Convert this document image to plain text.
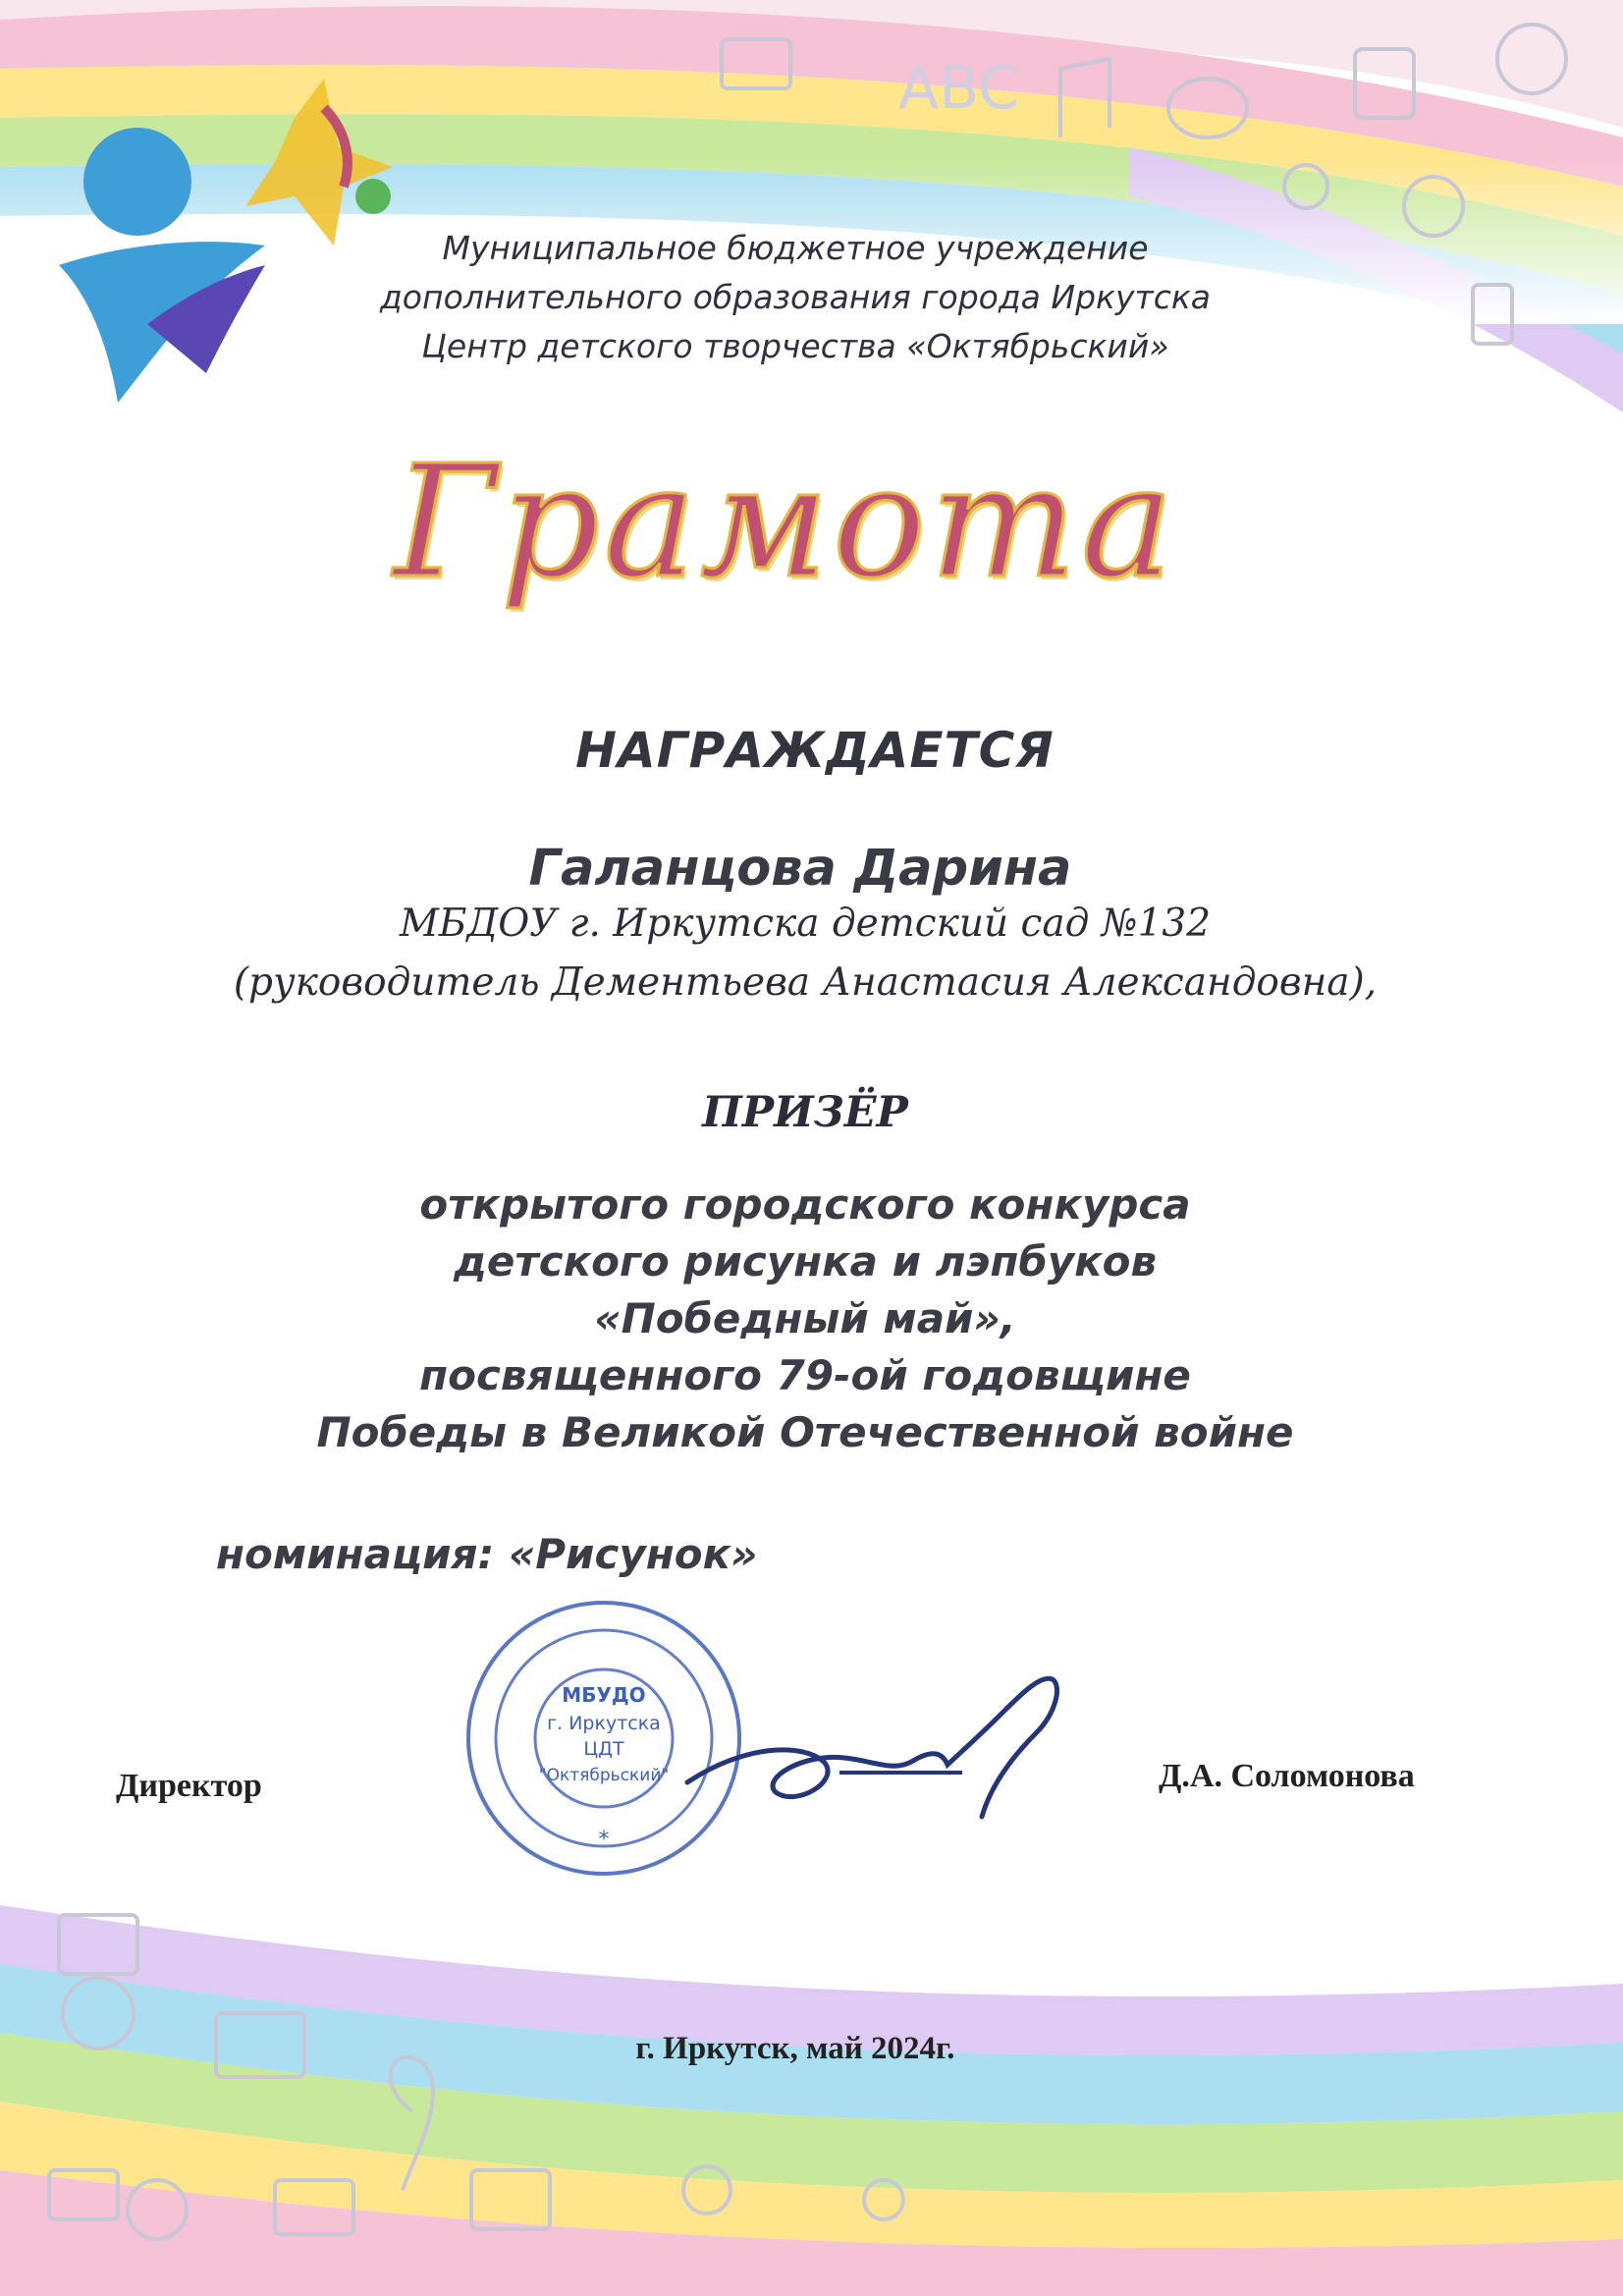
ABC
Муниципальное бюджетное учреждение
дополнительного образования города Иркутска
Центр детского творчества «Октябрьский»
Грамота
НАГРАЖДАЕТСЯ
Галанцова Дарина
МБДОУ г. Иркутска детский сад №132
(руководитель Дементьева Анастасия Александовна),
ПРИЗЁР
открытого городского конкурса
детского рисунка и лэпбуков
«Победный май»,
посвященного 79-ой годовщине
Победы в Великой Отечественной войне
номинация: «Рисунок»
МБУДО
г. Иркутска
ЦДТ
"Октябрьский"
*
Директор	Д.А. Соломонова
г. Иркутск, май 2024г.
